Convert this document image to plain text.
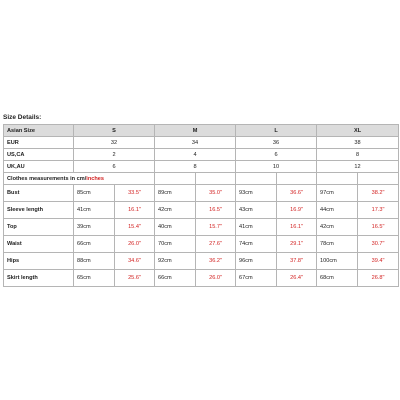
Size Details:
Asian Size	S		M		L		XL	
EUR	32		34		36		38	
US,CA	2		4		6		8	
UK,AU	6		8		10		12	
Clothes measurements in cm/inches								
Bust	85cm	33.5"	89cm	35.0"	93cm	36.6"	97cm	38.2"
Sleeve length	41cm	16.1"	42cm	16.5"	43cm	16.9"	44cm	17.3"
Top	39cm	15.4"	40cm	15.7"	41cm	16.1"	42cm	16.5"
Waist	66cm	26.0"	70cm	27.6"	74cm	29.1"	78cm	30.7"
Hips	88cm	34.6"	92cm	36.2"	96cm	37.8"	100cm	39.4"
Skirt length	65cm	25.6"	66cm	26.0"	67cm	26.4"	68cm	26.8"
